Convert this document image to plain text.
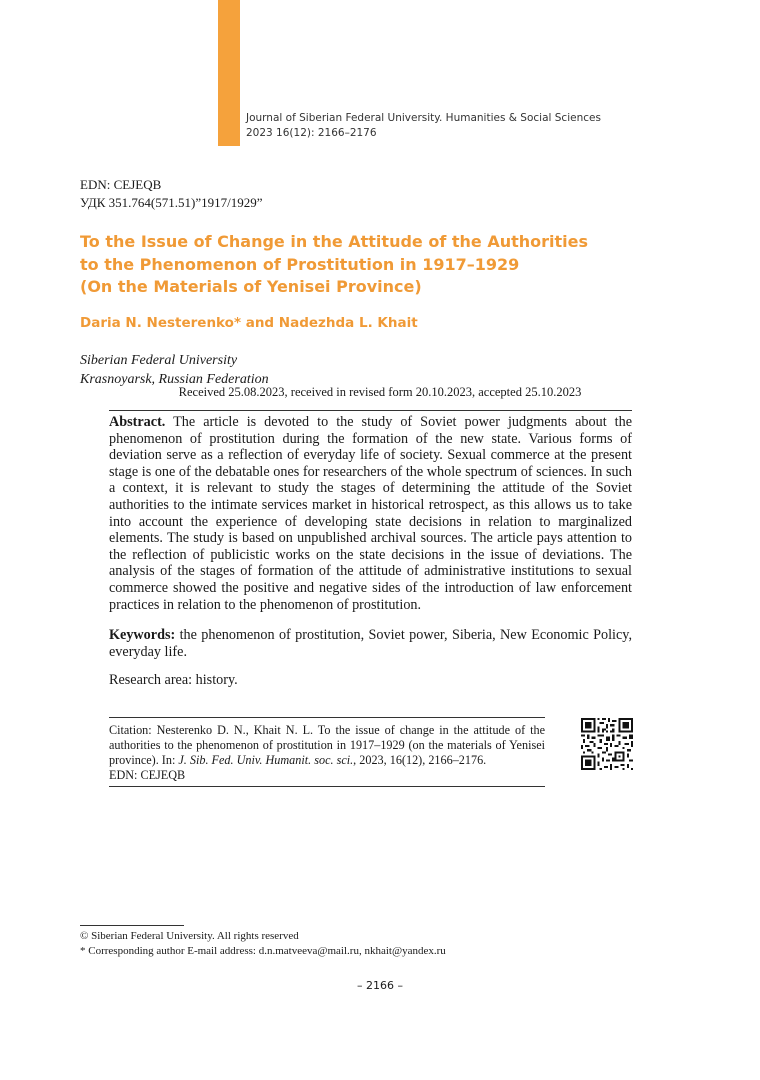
Journal of Siberian Federal University. Humanities & Social Sciences
2023 16(12): 2166–2176
EDN: CEJEQB
УДК 351.764(571.51)”1917/1929”
To the Issue of Change in the Attitude of the Authorities
to the Phenomenon of Prostitution in 1917–1929
(On the Materials of Yenisei Province)
Daria N. Nesterenko* and Nadezhda L. Khait
Siberian Federal University
Krasnoyarsk, Russian Federation
Received 25.08.2023, received in revised form 20.10.2023, accepted 25.10.2023

Abstract. The article is devoted to the study of Soviet power judgments about the phenomenon of prostitution during the formation of the new state. Various forms of deviation serve as a reflection of everyday life of society. Sexual commerce at the present stage is one of the debatable ones for researchers of the whole spectrum of sciences. In such a context, it is relevant to study the stages of determining the attitude of the Soviet authorities to the intimate services market in historical retrospect, as this allows us to take into account the experience of developing state decisions in relation to marginalized elements. The study is based on unpublished archival sources. The article pays attention to the reflection of publicistic works on the state decisions in the issue of deviations. The analysis of the stages of formation of the attitude of administrative institutions to sexual commerce showed the positive and negative sides of the introduction of law enforcement practices in relation to the phenomenon of prostitution.

Keywords: the phenomenon of prostitution, Soviet power, Siberia, New Economic Policy, everyday life.

Research area: history.

Citation: Nesterenko D. N., Khait N. L. To the issue of change in the attitude of the authorities to the phenomenon of prostitution in 1917–1929 (on the materials of Yenisei province). In: J. Sib. Fed. Univ. Humanit. soc. sci., 2023, 16(12), 2166–2176.
EDN: CEJEQB
© Siberian Federal University. All rights reserved
* Corresponding author E-mail address: d.n.matveeva@mail.ru, nkhait@yandex.ru
– 2166 –
